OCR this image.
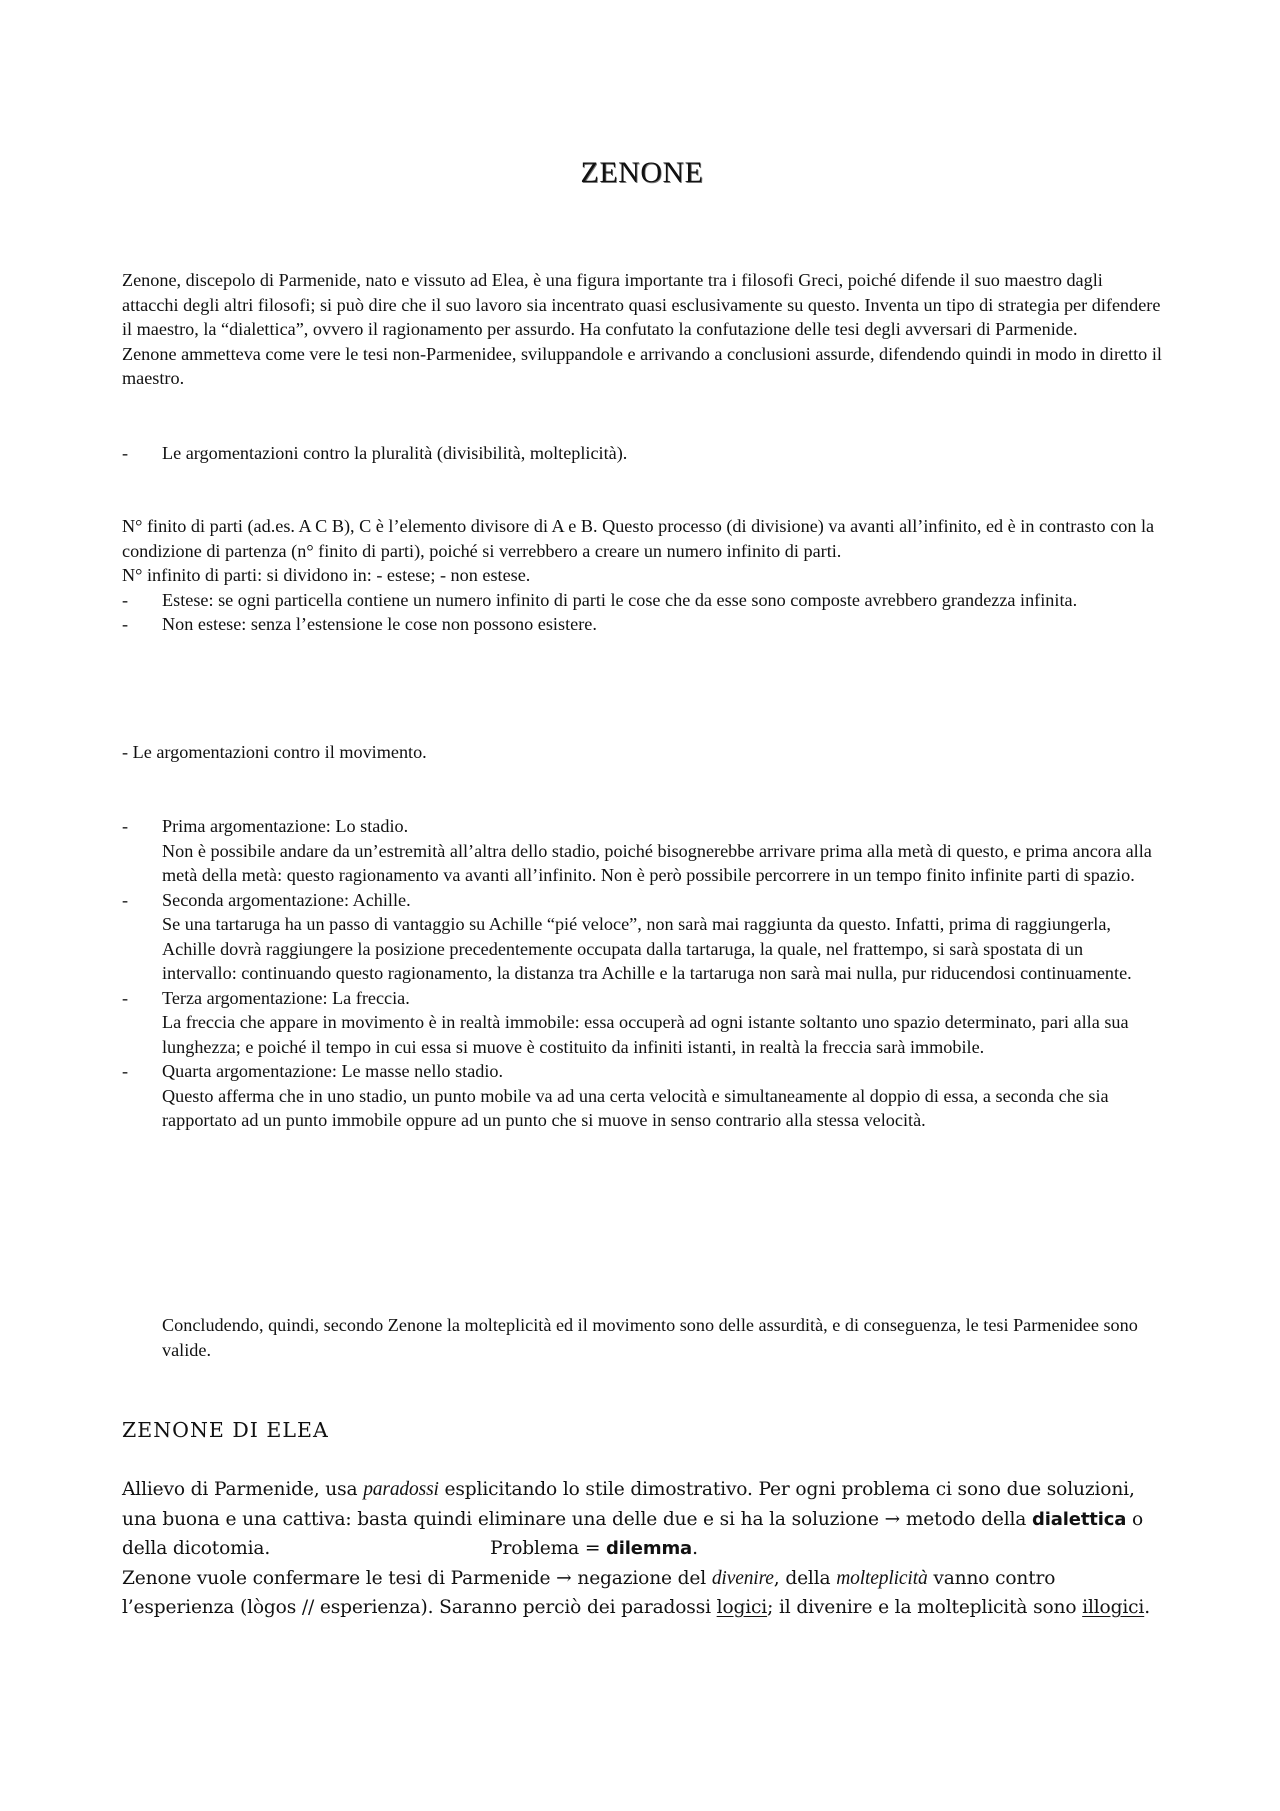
ZENONE

Zenone, discepolo di Parmenide, nato e vissuto ad Elea, è una figura importante tra i filosofi Greci, poiché difende il suo maestro dagli attacchi degli altri filosofi; si può dire che il suo lavoro sia incentrato quasi esclusivamente su questo. Inventa un tipo di strategia per difendere il maestro, la “dialettica”, ovvero il ragionamento per assurdo. Ha confutato la confutazione delle tesi degli avversari di Parmenide.

Zenone ammetteva come vere le tesi non-Parmenidee, sviluppandole e arrivando a conclusioni assurde, difendendo quindi in modo in diretto il maestro.

- Le argomentazioni contro la pluralità (divisibilità, molteplicità).

N° finito di parti (ad.es. A C B), C è l’elemento divisore di A e B. Questo processo (di divisione) va avanti all’infinito, ed è in contrasto con la condizione di partenza (n° finito di parti), poiché si verrebbero a creare un numero infinito di parti.

N° infinito di parti: si dividono in: - estese; - non estese.

- Estese: se ogni particella contiene un numero infinito di parti le cose che da esse sono composte avrebbero grandezza infinita.
- Non estese: senza l’estensione le cose non possono esistere.
- Le argomentazioni contro il movimento.
- Prima argomentazione: Lo stadio.

Non è possibile andare da un’estremità all’altra dello stadio, poiché bisognerebbe arrivare prima alla metà di questo, e prima ancora alla metà della metà: questo ragionamento va avanti all’infinito. Non è però possibile percorrere in un tempo finito infinite parti di spazio.

- Seconda argomentazione: Achille.

Se una tartaruga ha un passo di vantaggio su Achille “pié veloce”, non sarà mai raggiunta da questo. Infatti, prima di raggiungerla, Achille dovrà raggiungere la posizione precedentemente occupata dalla tartaruga, la quale, nel frattempo, si sarà spostata di un intervallo: continuando questo ragionamento, la distanza tra Achille e la tartaruga non sarà mai nulla, pur riducendosi continuamente.

- Terza argomentazione: La freccia.

La freccia che appare in movimento è in realtà immobile: essa occuperà ad ogni istante soltanto uno spazio determinato, pari alla sua lunghezza; e poiché il tempo in cui essa si muove è costituito da infiniti istanti, in realtà la freccia sarà immobile.

- Quarta argomentazione: Le masse nello stadio.

Questo afferma che in uno stadio, un punto mobile va ad una certa velocità e simultaneamente al doppio di essa, a seconda che sia rapportato ad un punto immobile oppure ad un punto che si muove in senso contrario alla stessa velocità.

Concludendo, quindi, secondo Zenone la molteplicità ed il movimento sono delle assurdità, e di conseguenza, le tesi Parmenidee sono valide.
ZENONE DI ELEA

Allievo di Parmenide, usa paradossi esplicitando lo stile dimostrativo. Per ogni problema ci sono due soluzioni, una buona e una cattiva: basta quindi eliminare una delle due e si ha la soluzione → metodo della dialettica o della dicotomia.	Problema = dilemma.

Zenone vuole confermare le tesi di Parmenide → negazione del divenire, della molteplicità vanno contro l’esperienza (lògos // esperienza). Saranno perciò dei paradossi logici; il divenire e la molteplicità sono illogici.
